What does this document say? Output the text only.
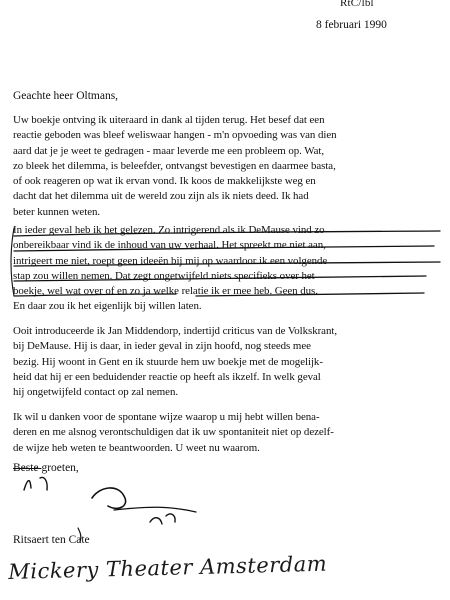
RtC/lbl
8 februari 1990
Geachte heer Oltmans,
Uw boekje ontving ik uiteraard in dank al tijden terug. Het besef dat een
reactie geboden was bleef weliswaar hangen - m'n opvoeding was van dien
aard dat je je weet te gedragen - maar leverde me een probleem op. Wat,
zo bleek het dilemma, is beleefder, ontvangst bevestigen en daarmee basta,
of ook reageren op wat ik ervan vond. Ik koos de makkelijkste weg en
dacht dat het dilemma uit de wereld zou zijn als ik niets deed. Ik had
beter kunnen weten.
In ieder geval heb ik het gelezen. Zo intrigerend als ik DeMause vind zo
onbereikbaar vind ik de inhoud van uw verhaal. Het spreekt me niet aan,
intrigeert me niet, roept geen ideeën bij mij op waardoor ik een volgende
stap zou willen nemen. Dat zegt ongetwijfeld niets specifieks over het
boekje, wel wat over of en zo ja welke relatie ik er mee heb. Geen dus.
En daar zou ik het eigenlijk bij willen laten.
Ooit introduceerde ik Jan Middendorp, indertijd criticus van de Volkskrant,
bij DeMause. Hij is daar, in ieder geval in zijn hoofd, nog steeds mee
bezig. Hij woont in Gent en ik stuurde hem uw boekje met de mogelijk-
heid dat hij er een beduidender reactie op heeft als ikzelf. In welk geval
hij ongetwijfeld contact op zal nemen.
Ik wil u danken voor de spontane wijze waarop u mij hebt willen bena-
deren en me alsnog verontschuldigen dat ik uw spontaniteit niet op dezelf-
de wijze heb weten te beantwoorden. U weet nu waarom.
Beste groeten,
Ritsaert ten Cate
Mickery Theater Amsterdam
